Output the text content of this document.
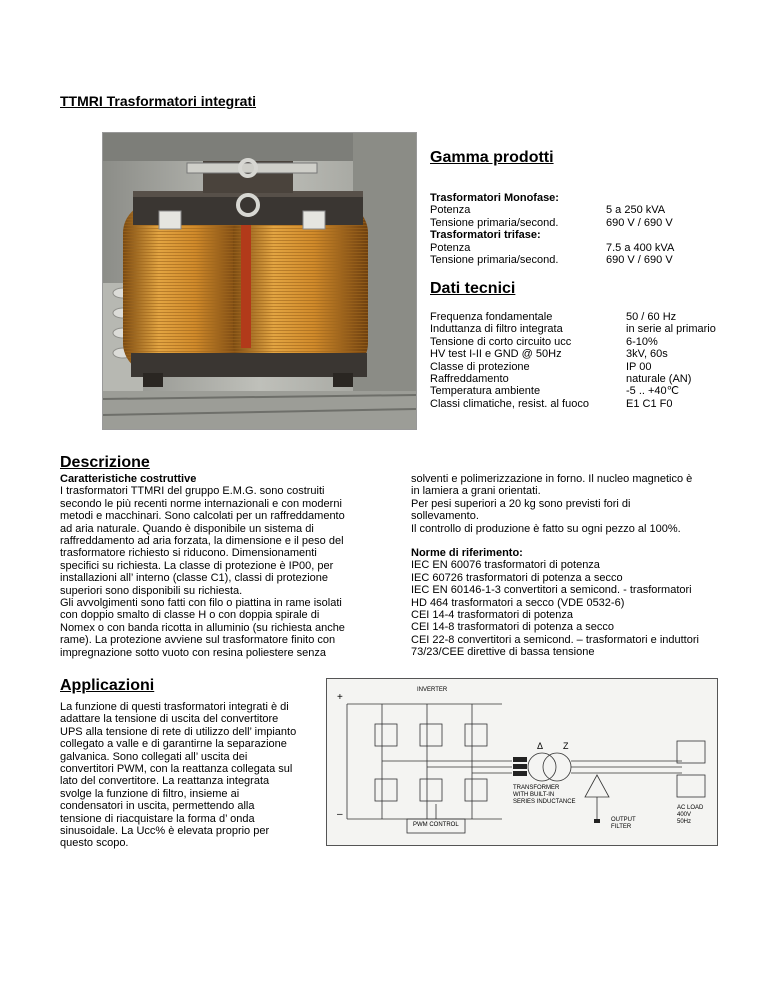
TTMRI Trasformatori integrati
Gamma prodotti
Trasformatori Monofase:
Potenza	5 a 250 kVA
Tensione primaria/second.	690 V / 690 V
Trasformatori trifase:
Potenza	7.5 a 400 kVA
Tensione primaria/second.	690 V / 690 V
Dati tecnici
Frequenza fondamentale	50 / 60 Hz
Induttanza di filtro integrata	in serie al primario
Tensione di corto circuito ucc	6-10%
HV test I-II e GND @ 50Hz	3kV, 60s
Classe di protezione	IP 00
Raffreddamento	naturale (AN)
Temperatura ambiente	-5 .. +40℃
Classi climatiche, resist. al fuoco	E1 C1 F0
Descrizione
Caratteristiche costruttive
I trasformatori TTMRI del gruppo E.M.G. sono costruiti
secondo le più recenti norme internazionali e con moderni
metodi e macchinari. Sono calcolati per un raffreddamento
ad aria naturale. Quando è disponibile un sistema di
raffreddamento ad aria forzata, la dimensione e il peso del
trasformatore richiesto si riducono. Dimensionamenti
specifici su richiesta. La classe di protezione è IP00, per
installazioni all’ interno (classe C1), classi di protezione
superiori sono disponibili su richiesta.
Gli avvolgimenti sono fatti con filo o piattina in rame isolati
con doppio smalto di classe H o con doppia spirale di
Nomex o con banda ricotta in alluminio (su richiesta anche
rame). La protezione avviene sul trasformatore finito con
impregnazione sotto vuoto con resina poliestere senza
solventi e polimerizzazione in forno. Il nucleo magnetico è
in lamiera a grani orientati.
Per pesi superiori a 20 kg sono previsti fori di
sollevamento.
Il controllo di produzione è fatto su ogni pezzo al 100%.
Norme di riferimento:
IEC EN 60076 trasformatori di potenza
IEC 60726 trasformatori di potenza a secco
IEC EN 60146-1-3 convertitori a semicond. - trasformatori
HD 464 trasformatori a secco (VDE 0532-6)
CEI 14-4 trasformatori di potenza
CEI 14-8 trasformatori di potenza a secco
CEI 22-8 convertitori a semicond. – trasformatori e induttori
73/23/CEE direttive di bassa tensione
Applicazioni
La funzione di questi trasformatori integrati è di
adattare la tensione di uscita del convertitore
UPS alla tensione di rete di utilizzo dell’ impianto
collegato a valle e di garantirne la separazione
galvanica. Sono collegati all’ uscita dei
convertitori PWM, con la reattanza collegata sul
lato del convertitore. La reattanza integrata
svolge la funzione di filtro, insieme ai
condensatori in uscita, permettendo alla
tensione di riacquistare la forma d’ onda
sinusoidale. La Ucc% è elevata proprio per
questo scopo.
INVERTER
+
–
Δ Z
TRANSFORMER
WITH BUILT-IN
SERIES INDUCTANCE
OUTPUT
FILTER
AC LOAD
400V
50Hz
PWM CONTROL
